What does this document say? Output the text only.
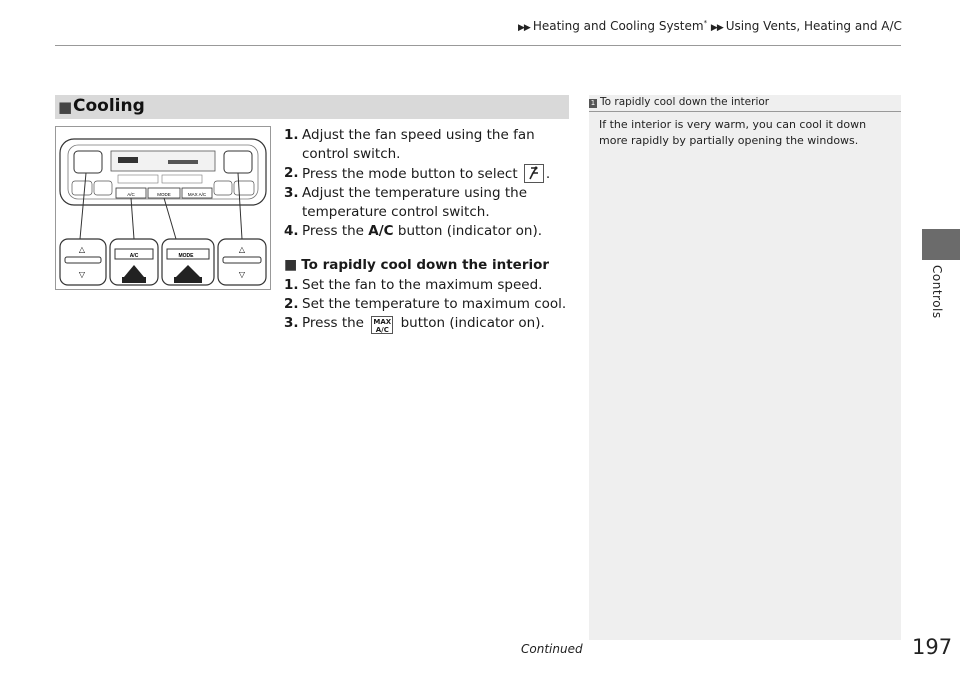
▶▶ Heating and Cooling System* ▶▶ Using Vents, Heating and A/C
Controls
■ Cooling
A/C	MODE	MAX A/C
△
▽
A/C	MODE
△
▽
1. Adjust the fan speed using the fan control switch.
2. Press the mode button to select .
3. Adjust the temperature using the temperature control switch.
4. Press the A/C button (indicator on).
■ To rapidly cool down the interior
1. Set the fan to the maximum speed.
2. Set the temperature to maximum cool.
3. Press the MAX
A/C button (indicator on).
1 To rapidly cool down the interior
If the interior is very warm, you can cool it down more rapidly by partially opening the windows.
Continued	197
